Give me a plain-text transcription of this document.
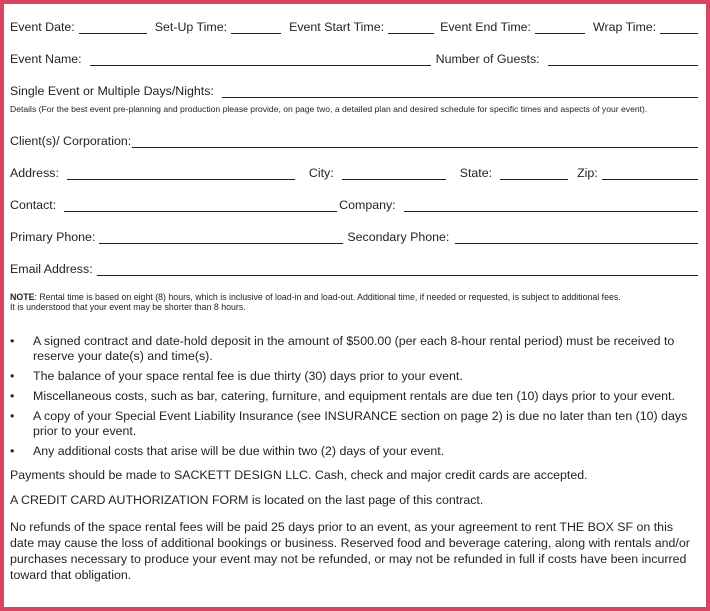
Event Date:	Set-Up Time:	Event Start Time:	Event End Time:	Wrap Time:
Event Name:	Number of Guests:
Single Event or Multiple Days/Nights:
Details (For the best event pre-planning and production please provide, on page two, a detailed plan and desired schedule for specific times and aspects of your event).
Client(s)/ Corporation:
Address:	City:	State:	Zip:
Contact:	Company:
Primary Phone:	Secondary Phone:
Email Address:
NOTE: Rental time is based on eight (8) hours, which is inclusive of load-in and load-out. Additional time, if needed or requested, is subject to additional fees.
It is understood that your event may be shorter than 8 hours.
• A signed contract and date-hold deposit in the amount of $500.00 (per each 8-hour rental period) must be received to reserve your date(s) and time(s).
• The balance of your space rental fee is due thirty (30) days prior to your event.
• Miscellaneous costs, such as bar, catering, furniture, and equipment rentals are due ten (10) days prior to your event.
• A copy of your Special Event Liability Insurance (see INSURANCE section on page 2) is due no later than ten (10) days prior to your event.
• Any additional costs that arise will be due within two (2) days of your event.
Payments should be made to SACKETT DESIGN LLC. Cash, check and major credit cards are accepted.
A CREDIT CARD AUTHORIZATION FORM is located on the last page of this contract.
No refunds of the space rental fees will be paid 25 days prior to an event, as your agreement to rent THE BOX SF on this date may cause the loss of additional bookings or business. Reserved food and beverage catering, along with rentals and/or purchases necessary to produce your event may not be refunded, or may not be refunded in full if costs have been incurred toward that obligation.
